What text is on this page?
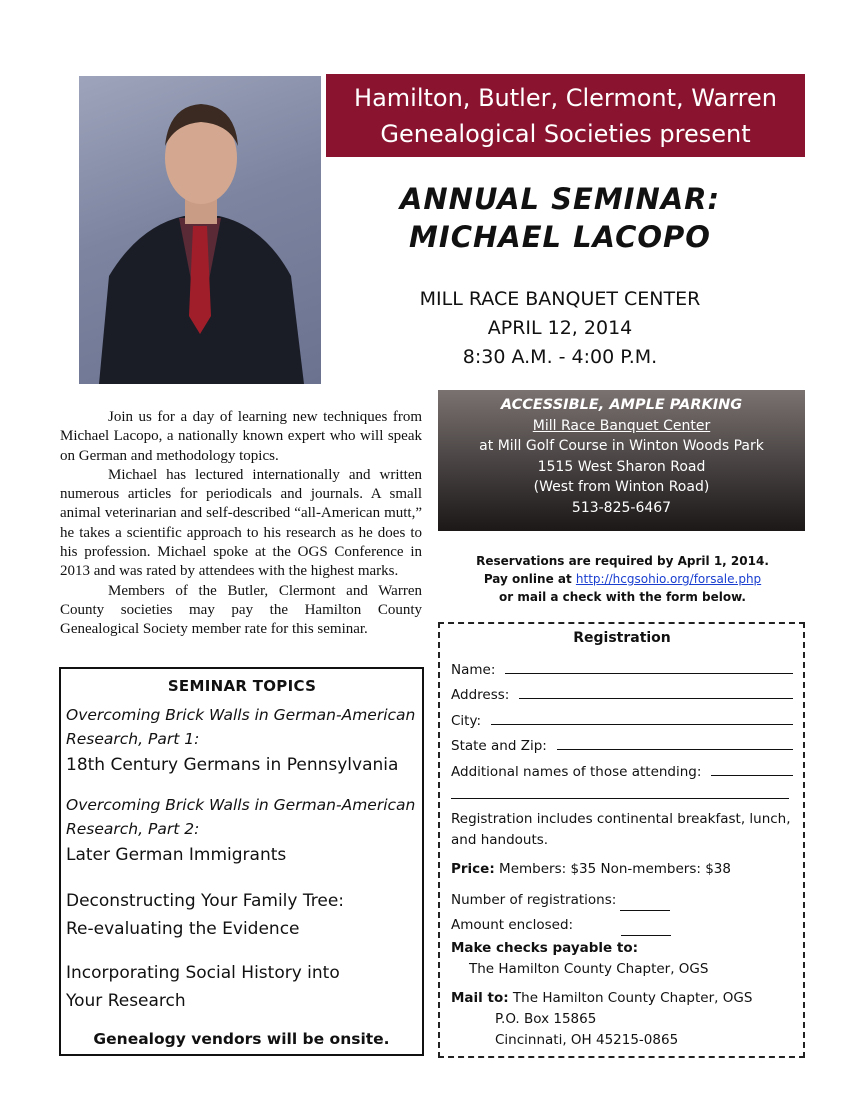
Hamilton, Butler, Clermont, Warren
Genealogical Societies present
ANNUAL SEMINAR:
MICHAEL LACOPO
MILL RACE BANQUET CENTER
APRIL 12, 2014
8:30 A.M. - 4:00 P.M.
ACCESSIBLE, AMPLE PARKING
Mill Race Banquet Center
at Mill Golf Course in Winton Woods Park
1515 West Sharon Road
(West from Winton Road)
513-825-6467
Reservations are required by April 1, 2014.
Pay online at http://hcgsohio.org/forsale.php
or mail a check with the form below.

Join us for a day of learning new techniques from Michael Lacopo, a nationally known expert who will speak on German and methodology topics.

Michael has lectured internationally and written numerous articles for periodicals and journals. A small animal veterinarian and self-described “all-American mutt,” he takes a scientific approach to his research as he does to his profession. Michael spoke at the OGS Conference in 2013 and was rated by attendees with the highest marks.

Members of the Butler, Clermont and Warren County societies may pay the Hamilton County Genealogical Society member rate for this seminar.

SEMINAR TOPICS
Overcoming Brick Walls in German-American Research, Part 1:
18th Century Germans in Pennsylvania
Overcoming Brick Walls in German-American Research, Part 2:
Later German Immigrants
Deconstructing Your Family Tree:
Re-evaluating the Evidence
Incorporating Social History into
Your Research
Genealogy vendors will be onsite.
Registration
Name:
Address:
City:
State and Zip:
Additional names of those attending:

Registration includes continental breakfast, lunch, and handouts.

Price: Members: $35 Non-members: $38

Number of registrations:

Amount enclosed:

Make checks payable to:

The Hamilton County Chapter, OGS

Mail to: The Hamilton County Chapter, OGS

P.O. Box 15865

Cincinnati, OH 45215-0865
